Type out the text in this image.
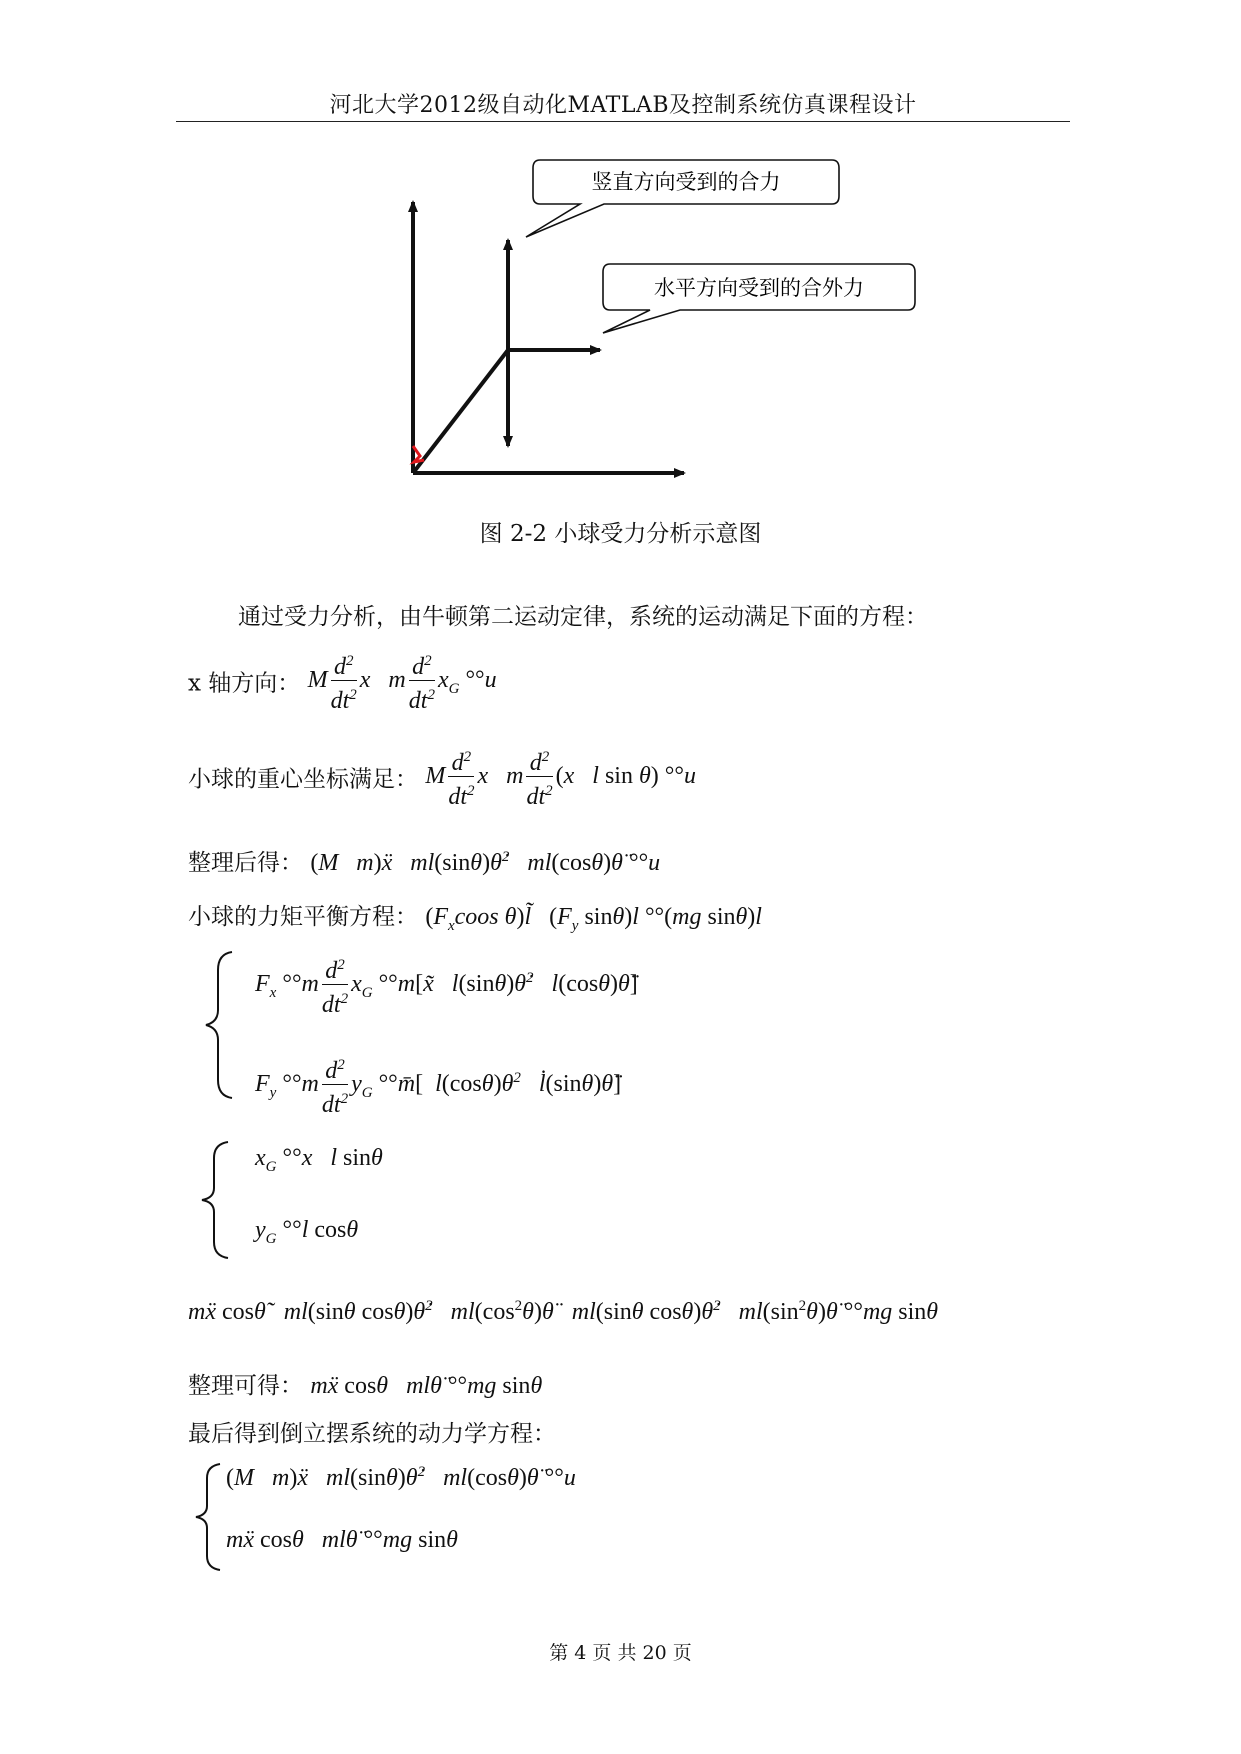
河北大学2012级自动化MATLAB及控制系统仿真课程设计
竖直方向受到的合力
水平方向受到的合外力
图 2-2 小球受力分析示意图
通过受力分析，由牛顿第二运动定律，系统的运动满足下面的方程：
x 轴方向： M $\frac{d^2}{dt^2}$ x   m $\frac{d^2}{dt^2} x_G$ °°u
小球的重心坐标满足： M $\frac{d^2}{dt^2}$ x   m $\frac{d^2}{dt^2} (x$   l sin θ) °°u
整理后得： (M   m)ẍ   ml(sinθ)θ̇$^2$   ml(cosθ)θ̈ °°u
小球的力矩平衡方程： ($F_xcoos$ θ)l̃   ($F_y$ sinθ)l °°(mg sinθ)l
$F_x$ $^\circ^\circ m \frac{d^2}{dt^2} x_G$ °°m[x̃   l(sinθ)θ̇$^2$   l(cosθ)θ̈]
$F_y$ $^\circ^\circ m \frac{d^2}{dt^2} y_G$ °°m̄[  $l(\cos\theta)\theta^2$   l̇(sinθ)θ̈]
$x_G$ °°x   l sinθ
$y_G$ °°l cosθ
mẍ cosθ̃   ml(sinθ cosθ)θ̇$^2$   $ml(\cos^2\theta)\thetä$   ml(sinθ cosθ)θ̇$^2$   $ml(\sin^2\theta)\thetä$ °°mg sinθ
整理可得： mẍ cosθ   mlθ̈ °°mg sinθ
最后得到倒立摆系统的动力学方程：
(M   m)ẍ   ml(sinθ)θ̇$^2$   ml(cosθ)θ̈ °°u
mẍ cosθ   mlθ̈ °°mg sinθ
第 4 页 共 20 页
